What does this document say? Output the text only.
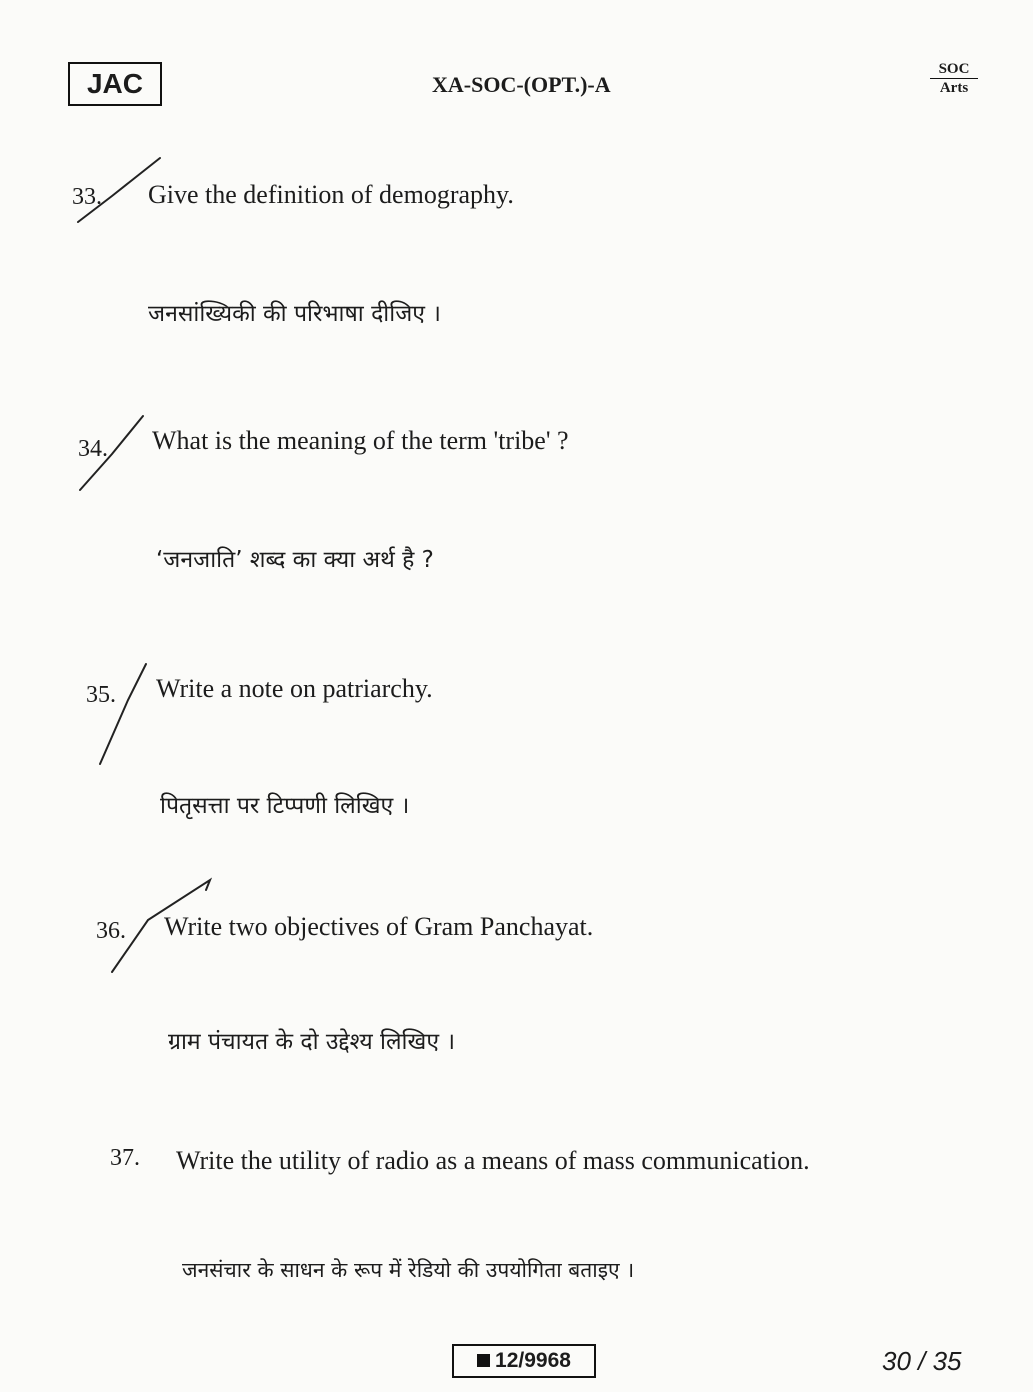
JAC	XA-SOC-(OPT.)-A
SOC
Arts
33. Give the definition of demography.
जनसांख्यिकी की परिभाषा दीजिए ।
34. What is the meaning of the term 'tribe' ?
‘जनजाति’ शब्द का क्या अर्थ है ?
35. Write a note on patriarchy.
पितृसत्ता पर टिप्पणी लिखिए ।
36. Write two objectives of Gram Panchayat.
ग्राम पंचायत के दो उद्देश्य लिखिए ।
37. Write the utility of radio as a means of mass communication.
जनसंचार के साधन के रूप में रेडियो की उपयोगिता बताइए ।
12/9968	30 / 35
